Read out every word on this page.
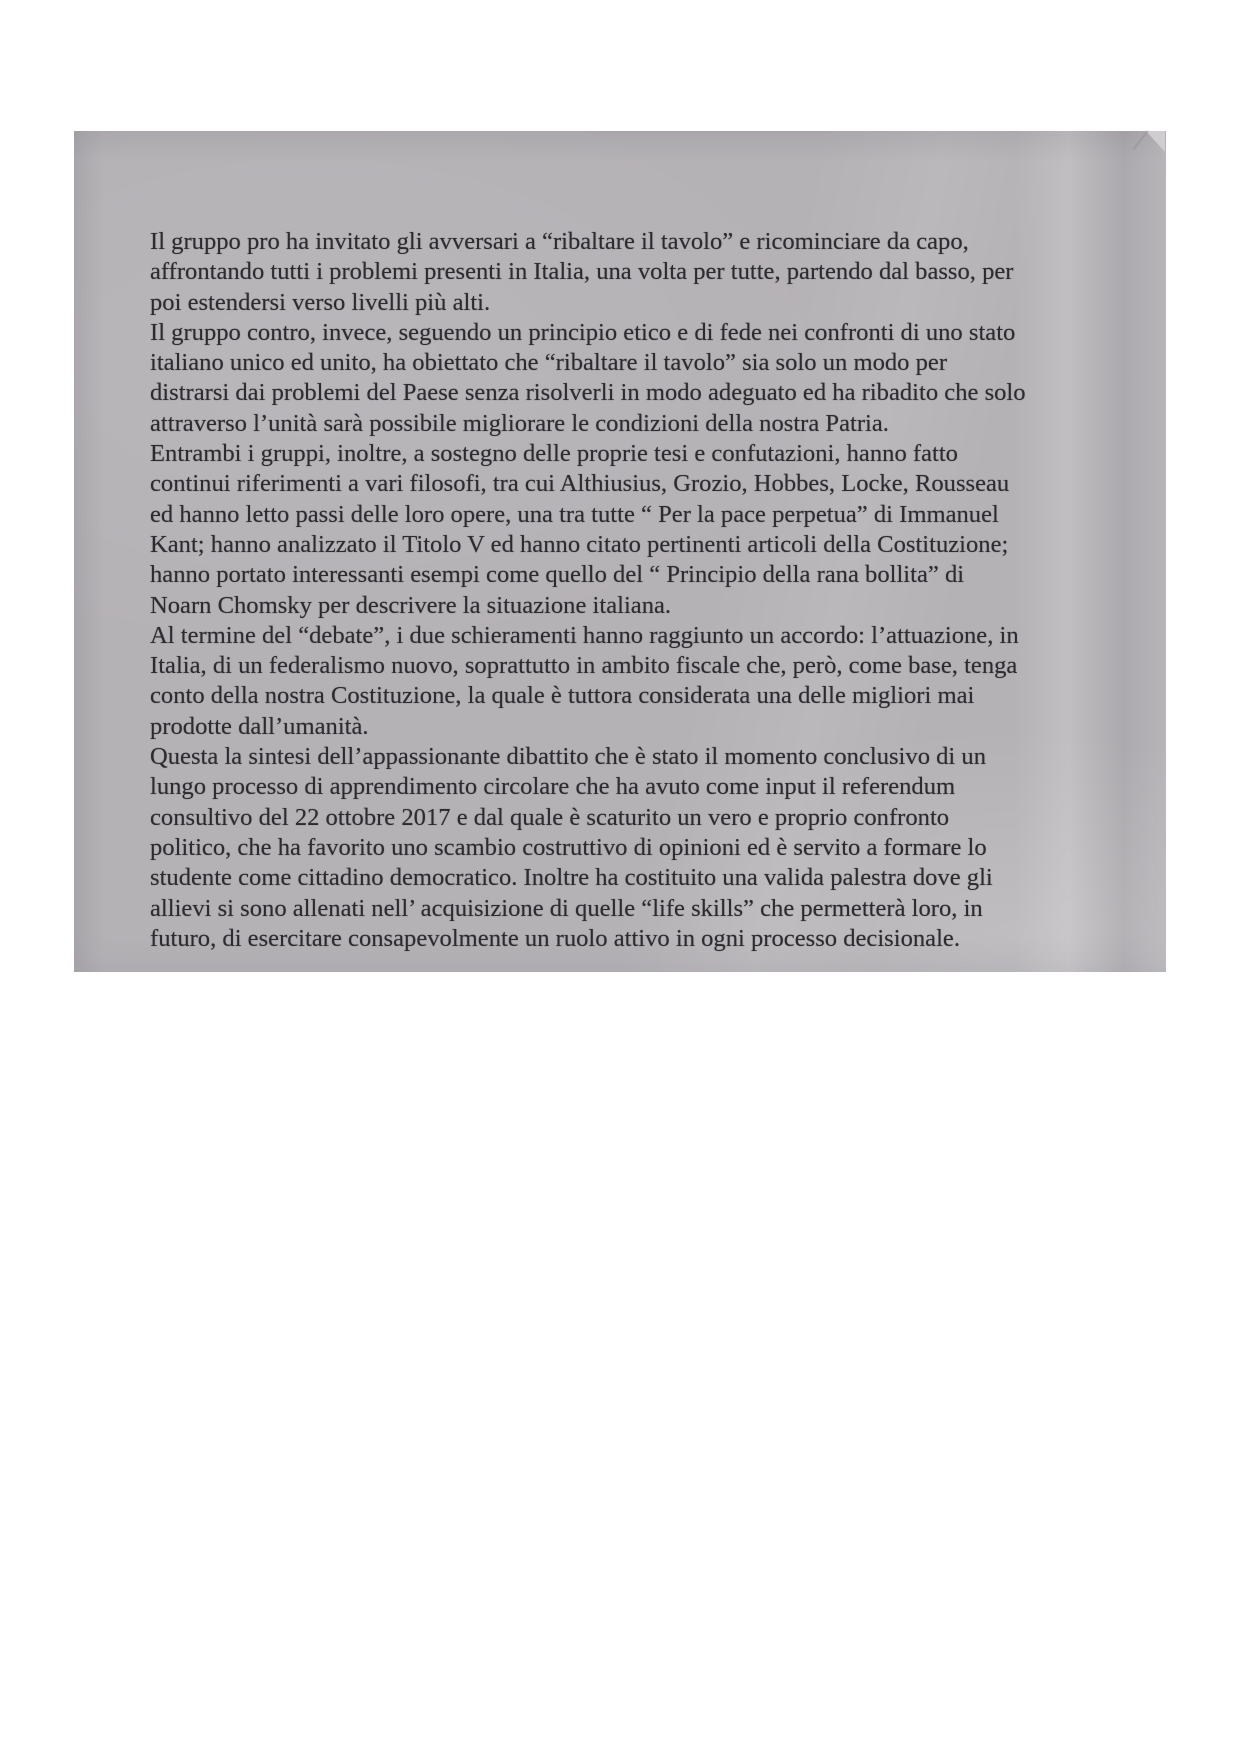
Il gruppo pro ha invitato gli avversari a “ribaltare il tavolo” e ricominciare da capo,
affrontando tutti i problemi presenti in Italia, una volta per tutte, partendo dal basso, per
poi estendersi verso livelli più alti.
Il gruppo contro, invece, seguendo un principio etico e di fede nei confronti di uno stato
italiano unico ed unito, ha obiettato che “ribaltare il tavolo” sia solo un modo per
distrarsi dai problemi del Paese senza risolverli in modo adeguato ed ha ribadito che solo
attraverso l’unità sarà possibile migliorare le condizioni della nostra Patria.
Entrambi i gruppi, inoltre, a sostegno delle proprie tesi e confutazioni, hanno fatto
continui riferimenti a vari filosofi, tra cui Althiusius, Grozio, Hobbes, Locke, Rousseau
ed hanno letto passi delle loro opere, una tra tutte “ Per la pace perpetua” di Immanuel
Kant; hanno analizzato il Titolo V ed hanno citato pertinenti articoli della Costituzione;
hanno portato interessanti esempi come quello del “ Principio della rana bollita” di
Noarn Chomsky per descrivere la situazione italiana.
Al termine del “debate”, i due schieramenti hanno raggiunto un accordo: l’attuazione, in
Italia, di un federalismo nuovo, soprattutto in ambito fiscale che, però, come base, tenga
conto della nostra Costituzione, la quale è tuttora considerata una delle migliori mai
prodotte dall’umanità.
Questa la sintesi dell’appassionante dibattito che è stato il momento conclusivo di un
lungo processo di apprendimento circolare che ha avuto come input il referendum
consultivo del 22 ottobre 2017 e dal quale è scaturito un vero e proprio confronto
politico, che ha favorito uno scambio costruttivo di opinioni ed è servito a formare lo
studente come cittadino democratico. Inoltre ha costituito una valida palestra dove gli
allievi si sono allenati nell’ acquisizione di quelle “life skills” che permetterà loro, in
futuro, di esercitare consapevolmente un ruolo attivo in ogni processo decisionale.
